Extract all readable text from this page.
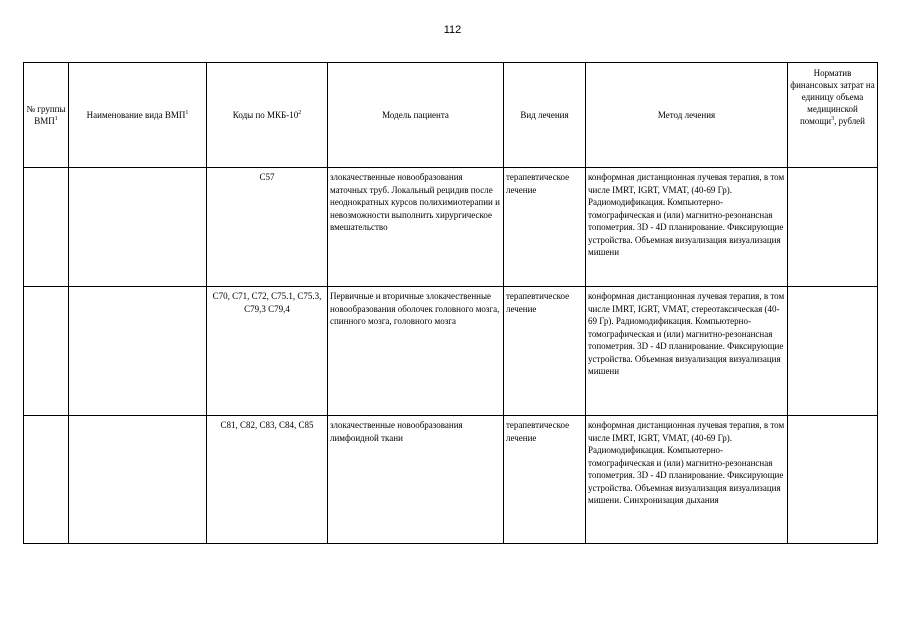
112
№ группы ВМП$^1$	Наименование вида ВМП$^1$	Коды по МКБ-$10^2$	Модель пациента	Вид лечения	Метод лечения	Норматив финансовых затрат на единицу объема медицинской помощи$^3$, рублей
		C57	злокачественные новообразования маточных труб. Локальный рецидив после неоднократных курсов полихимиотерапии и невозможности выполнить хирургическое вмешательство	терапевтическое лечение	конформная дистанционная лучевая терапия, в том числе IMRT, IGRT, VMAT, (40-69 Гр). Радиомодификация. Компьютерно-томографическая и (или) магнитно-резонансная топометрия. 3D - 4D планирование. Фиксирующие устройства. Объемная визуализация визуализация мишени	
		C70, C71, C72, C75.1, C75.3, C79,3 C79,4	Первичные и вторичные злокачественные новообразования оболочек головного мозга, спинного мозга, головного мозга	терапевтическое лечение	конформная дистанционная лучевая терапия, в том числе IMRT, IGRT, VMAT, стереотаксическая (40-69 Гр). Радиомодификация. Компьютерно-томографическая и (или) магнитно-резонансная топометрия. 3D - 4D планирование. Фиксирующие устройства. Объемная визуализация визуализация мишени	
		C81, C82, C83, C84, C85	злокачественные новообразования лимфоидной ткани	терапевтическое лечение	конформная дистанционная лучевая терапия, в том числе IMRT, IGRT, VMAT, (40-69 Гр). Радиомодификация. Компьютерно-томографическая и (или) магнитно-резонансная топометрия. 3D - 4D планирование. Фиксирующие устройства. Объемная визуализация визуализация мишени. Синхронизация дыхания	
